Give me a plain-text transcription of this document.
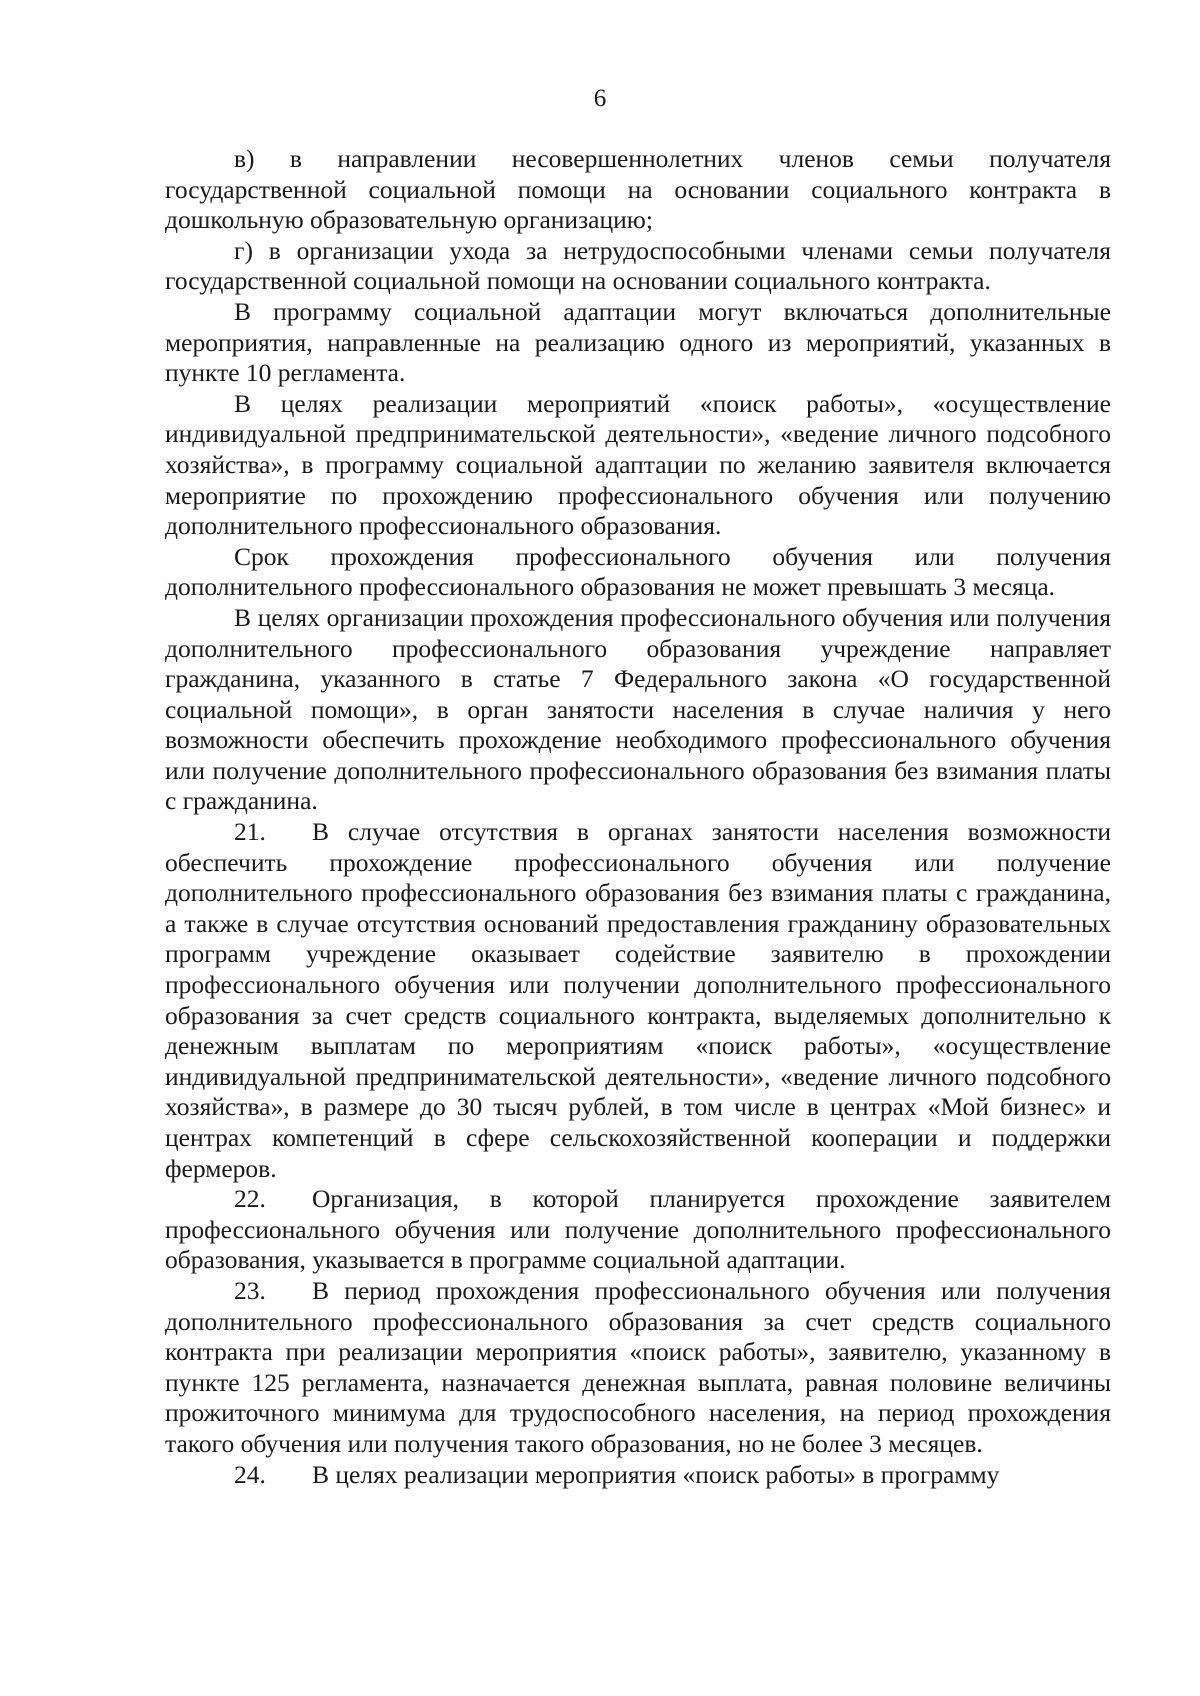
6

в) в направлении несовершеннолетних членов семьи получателя государственной социальной помощи на основании социального контракта в дошкольную образовательную организацию;

г) в организации ухода за нетрудоспособными членами семьи получателя государственной социальной помощи на основании социального контракта.

В программу социальной адаптации могут включаться дополнительные мероприятия, направленные на реализацию одного из мероприятий, указанных в пункте 10 регламента.

В целях реализации мероприятий «поиск работы», «осуществление индивидуальной предпринимательской деятельности», «ведение личного подсобного хозяйства», в программу социальной адаптации по желанию заявителя включается мероприятие по прохождению профессионального обучения или получению дополнительного профессионального образования.

Срок прохождения профессионального обучения или получения дополнительного профессионального образования не может превышать 3 месяца.

В целях организации прохождения профессионального обучения или получения дополнительного профессионального образования учреждение направляет гражданина, указанного в статье 7 Федерального закона «О государственной социальной помощи», в орган занятости населения в случае наличия у него возможности обеспечить прохождение необходимого профессионального обучения или получение дополнительного профессионального образования без взимания платы с гражданина.

21. В случае отсутствия в органах занятости населения возможности обеспечить прохождение профессионального обучения или получение дополнительного профессионального образования без взимания платы с гражданина, а также в случае отсутствия оснований предоставления гражданину образовательных программ учреждение оказывает содействие заявителю в прохождении профессионального обучения или получении дополнительного профессионального образования за счет средств социального контракта, выделяемых дополнительно к денежным выплатам по мероприятиям «поиск работы», «осуществление индивидуальной предпринимательской деятельности», «ведение личного подсобного хозяйства», в размере до 30 тысяч рублей, в том числе в центрах «Мой бизнес» и центрах компетенций в сфере сельскохозяйственной кооперации и поддержки фермеров.

22. Организация, в которой планируется прохождение заявителем профессионального обучения или получение дополнительного профессионального образования, указывается в программе социальной адаптации.

23. В период прохождения профессионального обучения или получения дополнительного профессионального образования за счет средств социального контракта при реализации мероприятия «поиск работы», заявителю, указанному в пункте 125 регламента, назначается денежная выплата, равная половине величины прожиточного минимума для трудоспособного населения, на период прохождения такого обучения или получения такого образования, но не более 3 месяцев.

24. В целях реализации мероприятия «поиск работы» в программу
